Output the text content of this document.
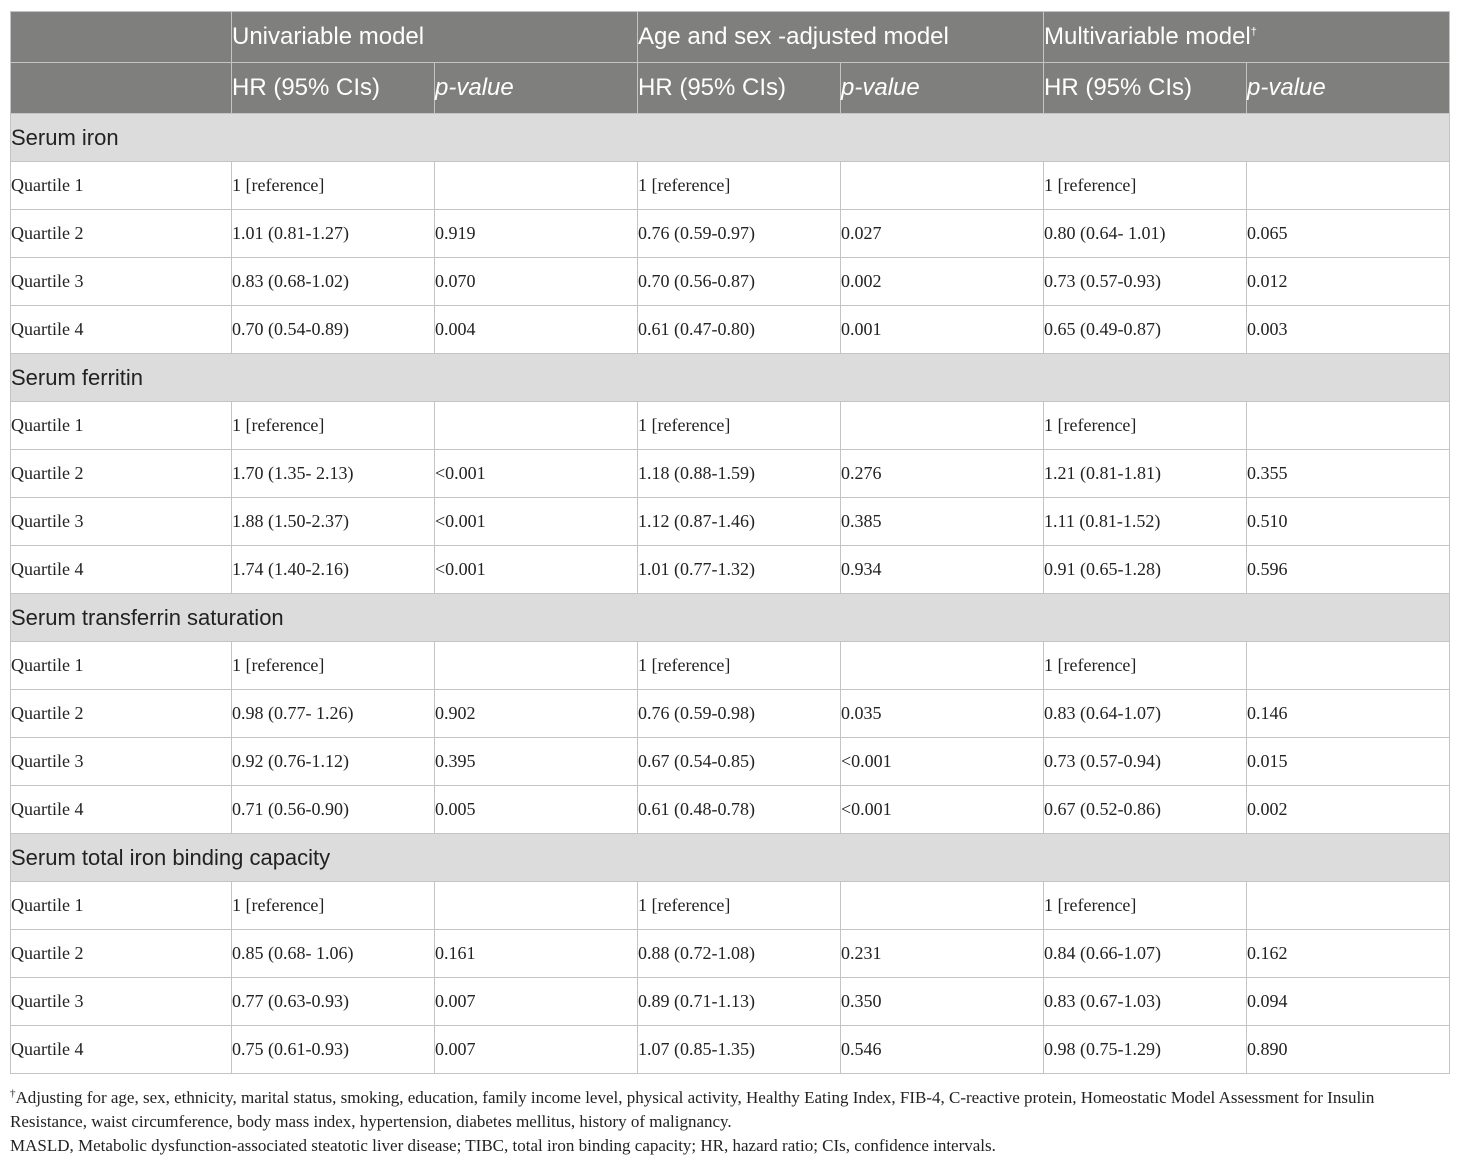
	Univariable model		Age and sex -adjusted model		Multivariable model†
	HR (95% CIs)	p-value	HR (95% CIs)	p-value	HR (95% CIs)	p-value
Serum iron						
Quartile 1	1 [reference]		1 [reference]		1 [reference]	
Quartile 2	1.01 (0.81-1.27)	0.919	0.76 (0.59-0.97)	0.027	0.80 (0.64- 1.01)	0.065
Quartile 3	0.83 (0.68-1.02)	0.070	0.70 (0.56-0.87)	0.002	0.73 (0.57-0.93)	0.012
Quartile 4	0.70 (0.54-0.89)	0.004	0.61 (0.47-0.80)	0.001	0.65 (0.49-0.87)	0.003
Serum ferritin						
Quartile 1	1 [reference]		1 [reference]		1 [reference]	
Quartile 2	1.70 (1.35- 2.13)	<0.001	1.18 (0.88-1.59)	0.276	1.21 (0.81-1.81)	0.355
Quartile 3	1.88 (1.50-2.37)	<0.001	1.12 (0.87-1.46)	0.385	1.11 (0.81-1.52)	0.510
Quartile 4	1.74 (1.40-2.16)	<0.001	1.01 (0.77-1.32)	0.934	0.91 (0.65-1.28)	0.596
Serum transferrin saturation						
Quartile 1	1 [reference]		1 [reference]		1 [reference]	
Quartile 2	0.98 (0.77- 1.26)	0.902	0.76 (0.59-0.98)	0.035	0.83 (0.64-1.07)	0.146
Quartile 3	0.92 (0.76-1.12)	0.395	0.67 (0.54-0.85)	<0.001	0.73 (0.57-0.94)	0.015
Quartile 4	0.71 (0.56-0.90)	0.005	0.61 (0.48-0.78)	<0.001	0.67 (0.52-0.86)	0.002
Serum total iron binding capacity						
Quartile 1	1 [reference]		1 [reference]		1 [reference]	
Quartile 2	0.85 (0.68- 1.06)	0.161	0.88 (0.72-1.08)	0.231	0.84 (0.66-1.07)	0.162
Quartile 3	0.77 (0.63-0.93)	0.007	0.89 (0.71-1.13)	0.350	0.83 (0.67-1.03)	0.094
Quartile 4	0.75 (0.61-0.93)	0.007	1.07 (0.85-1.35)	0.546	0.98 (0.75-1.29)	0.890

†Adjusting for age, sex, ethnicity, marital status, smoking, education, family income level, physical activity, Healthy Eating Index, FIB-4, C-reactive protein, Homeostatic Model Assessment for Insulin Resistance, waist circumference, body mass index, hypertension, diabetes mellitus, history of malignancy.

MASLD, Metabolic dysfunction-associated steatotic liver disease; TIBC, total iron binding capacity; HR, hazard ratio; CIs, confidence intervals.
